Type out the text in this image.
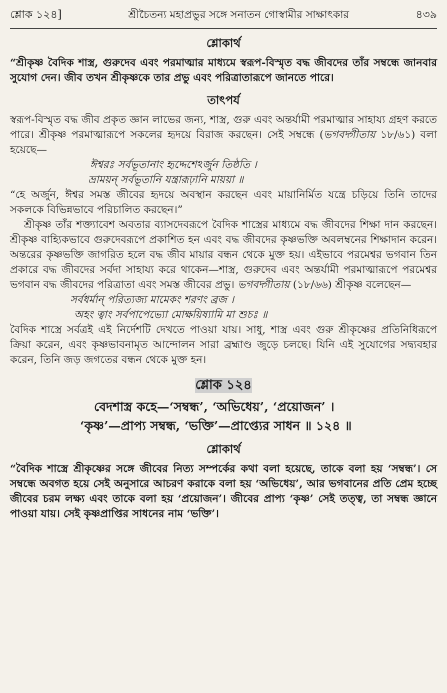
শ্লোক ১২৪]	শ্রীচৈতন্য মহাপ্রভুর সঙ্গে সনাতন গোস্বামীর সাক্ষাৎকার	৪৩৯
শ্লোকার্থ

“শ্রীকৃষ্ণ বৈদিক শাস্ত্র, গুরুদেব এবং পরমাত্মার মাধ্যমে স্বরূপ-বিস্মৃত বদ্ধ জীবদের তাঁর সম্বন্ধে জানবার সুযোগ দেন। জীব তখন শ্রীকৃষ্ণকে তার প্রভু এবং পরিত্রাতারূপে জানতে পারে।

তাৎপর্য

স্বরূপ-বিস্মৃত বদ্ধ জীব প্রকৃত জ্ঞান লাভের জন্য, শাস্ত্র, গুরু এবং অন্তর্যামী পরমাত্মার সাহায্য গ্রহণ করতে পারে। শ্রীকৃষ্ণ পরমাত্মারূপে সকলের হৃদয়ে বিরাজ করছেন। সেই সম্বন্ধে (ভগবদ্গীতায় ১৮/৬১) বলা হয়েছে—

ঈশ্বরঃ সর্বভূতানাং হৃদ্দেশেঽর্জুন তিষ্ঠতি ।
ভ্রাময়ন্ সর্বভূতানি যন্ত্রারূঢ়ানি মায়য়া ॥

“হে অর্জুন, ঈশ্বর সমস্ত জীবের হৃদয়ে অবস্থান করছেন এবং মায়ানির্মিত যন্ত্রে চড়িয়ে তিনি তাদের সকলকে বিভিন্নভাবে পরিচালিত করছেন।”

শ্রীকৃষ্ণ তাঁর শক্ত্যাবেশ অবতার ব্যাসদেবরূপে বৈদিক শাস্ত্রের মাধ্যমে বদ্ধ জীবদের শিক্ষা দান করছেন। শ্রীকৃষ্ণ বাহ্যিকভাবে গুরুদেবরূপে প্রকাশিত হন এবং বদ্ধ জীবদের কৃষ্ণভক্তি অবলম্বনের শিক্ষাদান করেন। অন্তরের কৃষ্ণভক্তি জাগরিত হলে বদ্ধ জীব মায়ার বন্ধন থেকে মুক্ত হয়। এইভাবে পরমেশ্বর ভগবান তিন প্রকারে বদ্ধ জীবদের সর্বদা সাহায্য করে থাকেন—শাস্ত্র, গুরুদেব এবং অন্তর্যামী পরমাত্মারূপে পরমেশ্বর ভগবান বদ্ধ জীবদের পরিত্রাতা এবং সমস্ত জীবের প্রভু। ভগবদ্গীতায় (১৮/৬৬) শ্রীকৃষ্ণ বলেছেন—

সর্বধর্মান্ পরিত্যজ্য মামেকং শরণং ব্রজ ।
অহং ত্বাং সর্বপাপেভ্যো মোক্ষয়িষ্যামি মা শুচঃ ॥

বৈদিক শাস্ত্রে সর্বত্রই এই নির্দেশটি দেখতে পাওয়া যায়। সাধু, শাস্ত্র এবং গুরু শ্রীকৃষ্ণের প্রতিনিধিরূপে ক্রিয়া করেন, এবং কৃষ্ণভাবনামৃত আন্দোলন সারা ব্রহ্মাণ্ড জুড়ে চলছে। যিনি এই সুযোগের সদ্ব্যবহার করেন, তিনি জড় জগতের বন্ধন থেকে মুক্ত হন।

শ্লোক ১২৪
বেদশাস্ত্র কহে—‘সম্বন্ধ’, ‘অভিধেয়’, ‘প্রয়োজন’ ।
‘কৃষ্ণ’—প্রাপ্য সম্বন্ধ, ‘ভক্তি’—প্রাপ্ত্যের সাধন ॥ ১২৪ ॥
শ্লোকার্থ

“বৈদিক শাস্ত্রে শ্রীকৃষ্ণের সঙ্গে জীবের নিত্য সম্পর্কের কথা বলা হয়েছে, তাকে বলা হয় ‘সম্বন্ধ’। সে সম্বন্ধে অবগত হয়ে সেই অনুসারে আচরণ করাকে বলা হয় ‘অভিধেয়’, আর ভগবানের প্রতি প্রেম হচ্ছে জীবের চরম লক্ষ্য এবং তাকে বলা হয় ‘প্রয়োজন’। জীবের প্রাপ্য ‘কৃষ্ণ’ সেই তত্ত্ব, তা সম্বন্ধ জ্ঞানে পাওয়া যায়। সেই কৃষ্ণপ্রাপ্তির সাধনের নাম ‘ভক্তি’।
